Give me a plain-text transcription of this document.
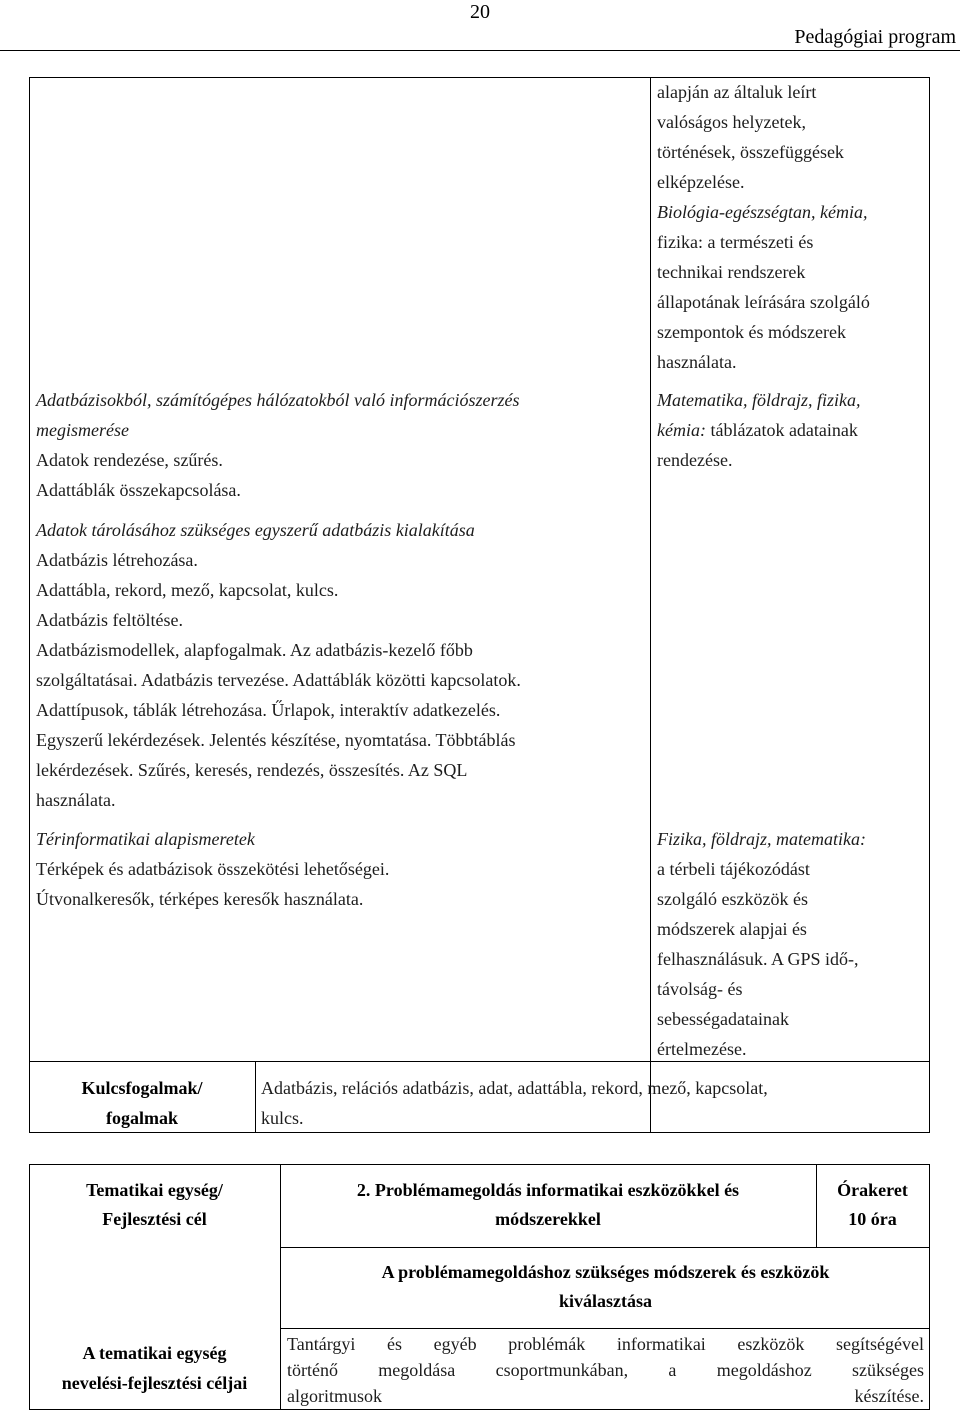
20
Pedagógiai program
alapján az általuk leírt
valóságos helyzetek,
történések, összefüggések
elképzelése.
Biológia-egészségtan, kémia,
fizika: a természeti és
technikai rendszerek
állapotának leírására szolgáló
szempontok és módszerek
használata.
Adatbázisokból, számítógépes hálózatokból való információszerzés
megismerése
Adatok rendezése, szűrés.
Adattáblák összekapcsolása.
Matematika, földrajz, fizika,
kémia: táblázatok adatainak
rendezése.
Adatok tárolásához szükséges egyszerű adatbázis kialakítása
Adatbázis létrehozása.
Adattábla, rekord, mező, kapcsolat, kulcs.
Adatbázis feltöltése.
Adatbázismodellek, alapfogalmak. Az adatbázis-kezelő főbb
szolgáltatásai. Adatbázis tervezése. Adattáblák közötti kapcsolatok.
Adattípusok, táblák létrehozása. Űrlapok, interaktív adatkezelés.
Egyszerű lekérdezések. Jelentés készítése, nyomtatása. Többtáblás
lekérdezések. Szűrés, keresés, rendezés, összesítés. Az SQL
használata.
Térinformatikai alapismeretek
Térképek és adatbázisok összekötési lehetőségei.
Útvonalkeresők, térképes keresők használata.
Fizika, földrajz, matematika:
a térbeli tájékozódást
szolgáló eszközök és
módszerek alapjai és
felhasználásuk. A GPS idő-,
távolság- és
sebességadatainak
értelmezése.
Kulcsfogalmak/
fogalmak
Adatbázis, relációs adatbázis, adat, adattábla, rekord, mező, kapcsolat,
kulcs.
Tematikai egység/
Fejlesztési cél
2. Problémamegoldás informatikai eszközökkel és
módszerekkel
Órakeret
10 óra
A problémamegoldáshoz szükséges módszerek és eszközök
kiválasztása
A tematikai egység
nevelési-fejlesztési céljai
Tantárgyi és egyéb problémák informatikai eszközök segítségével
történő megoldása csoportmunkában, a megoldáshoz szükséges
algoritmusok	készítése.
